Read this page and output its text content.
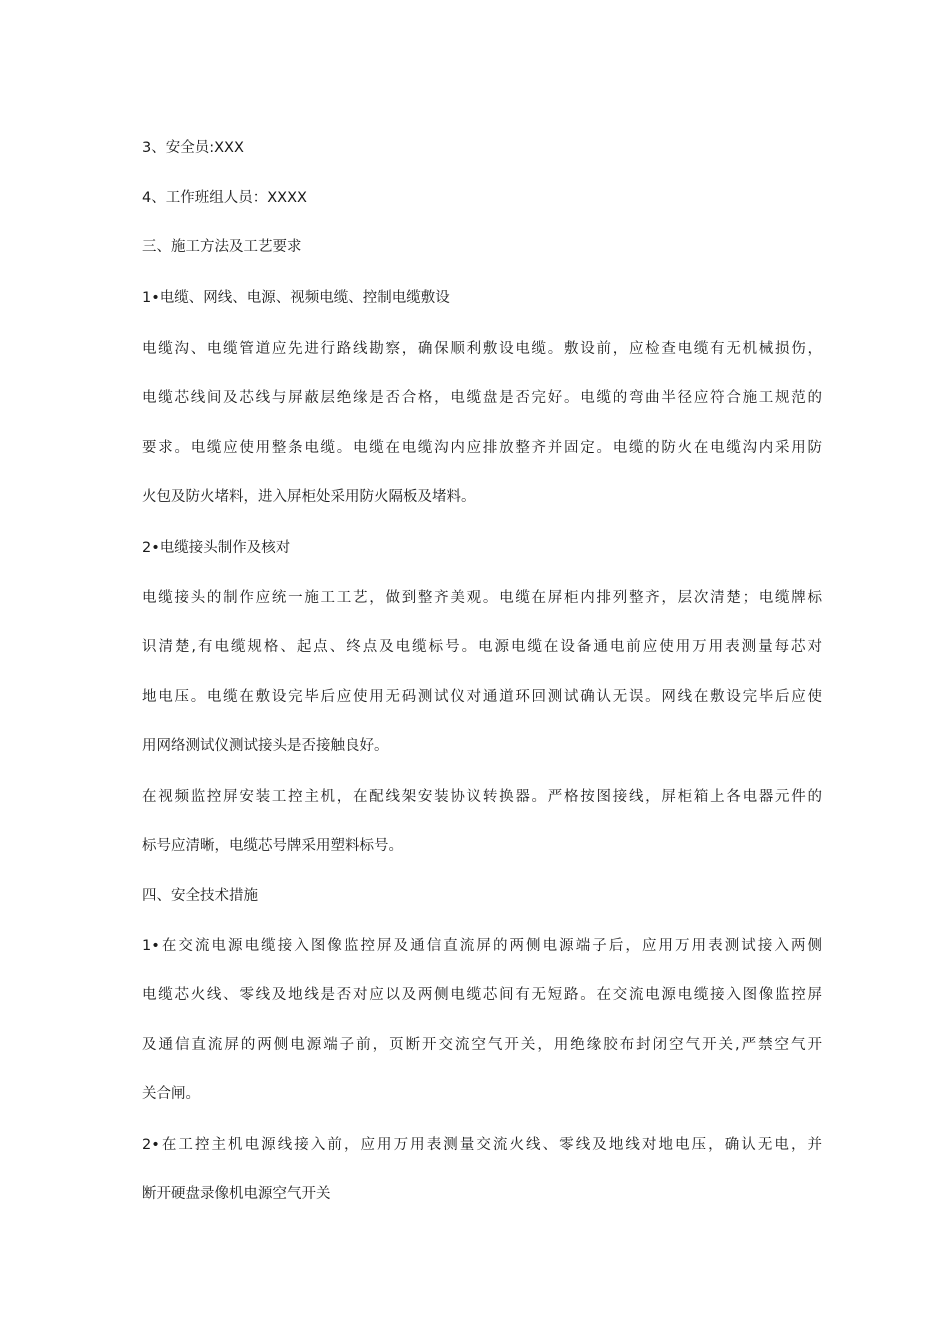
3、安全员:XXX
4、工作班组人员：XXXX
三、施工方法及工艺要求
1•电缆、网线、电源、视频电缆、控制电缆敷设
电缆沟、电缆管道应先进行路线勘察，确保顺利敷设电缆。敷设前，应检查电缆有无机械损伤，
电缆芯线间及芯线与屏蔽层绝缘是否合格，电缆盘是否完好。电缆的弯曲半径应符合施工规范的
要求。电缆应使用整条电缆。电缆在电缆沟内应排放整齐并固定。电缆的防火在电缆沟内采用防
火包及防火堵料，进入屏柜处采用防火隔板及堵料。
2•电缆接头制作及核对
电缆接头的制作应统一施工工艺，做到整齐美观。电缆在屏柜内排列整齐，层次清楚；电缆牌标
识清楚,有电缆规格、起点、终点及电缆标号。电源电缆在设备通电前应使用万用表测量每芯对
地电压。电缆在敷设完毕后应使用无码测试仪对通道环回测试确认无误。网线在敷设完毕后应使
用网络测试仪测试接头是否接触良好。
在视频监控屏安装工控主机，在配线架安装协议转换器。严格按图接线，屏柜箱上各电器元件的
标号应清晰，电缆芯号牌采用塑料标号。
四、安全技术措施
1•在交流电源电缆接入图像监控屏及通信直流屏的两侧电源端子后，应用万用表测试接入两侧
电缆芯火线、零线及地线是否对应以及两侧电缆芯间有无短路。在交流电源电缆接入图像监控屏
及通信直流屏的两侧电源端子前，页断开交流空气开关，用绝缘胶布封闭空气开关,严禁空气开
关合闸。
2•在工控主机电源线接入前，应用万用表测量交流火线、零线及地线对地电压，确认无电，并
断开硬盘录像机电源空气开关
